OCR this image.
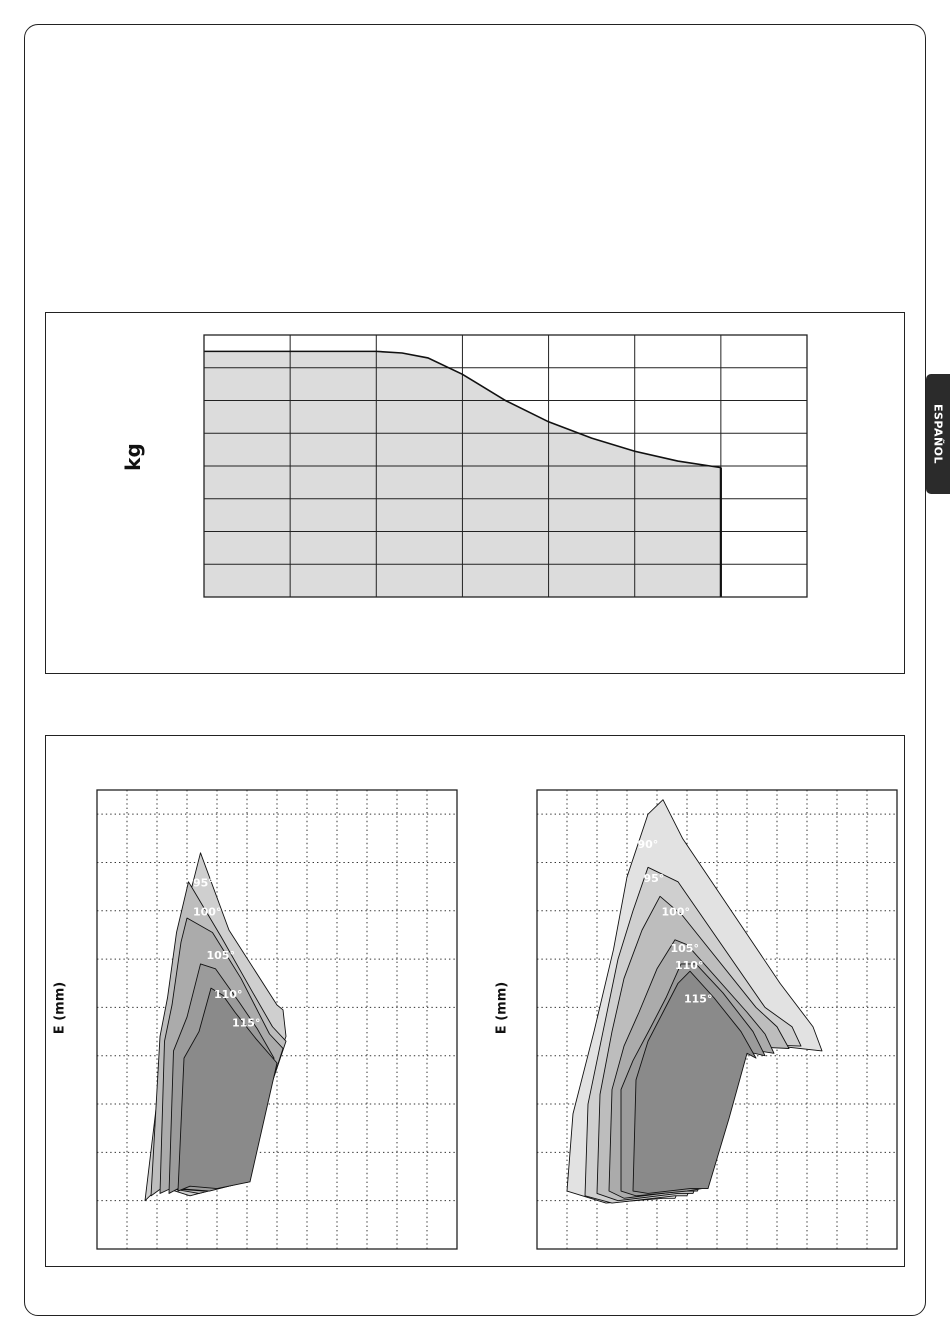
ESPAÑOL
kg
E (mm)	E (mm)
95°
100°
105°
110°
115°
90°
95°
100°
105°
110°
115°
